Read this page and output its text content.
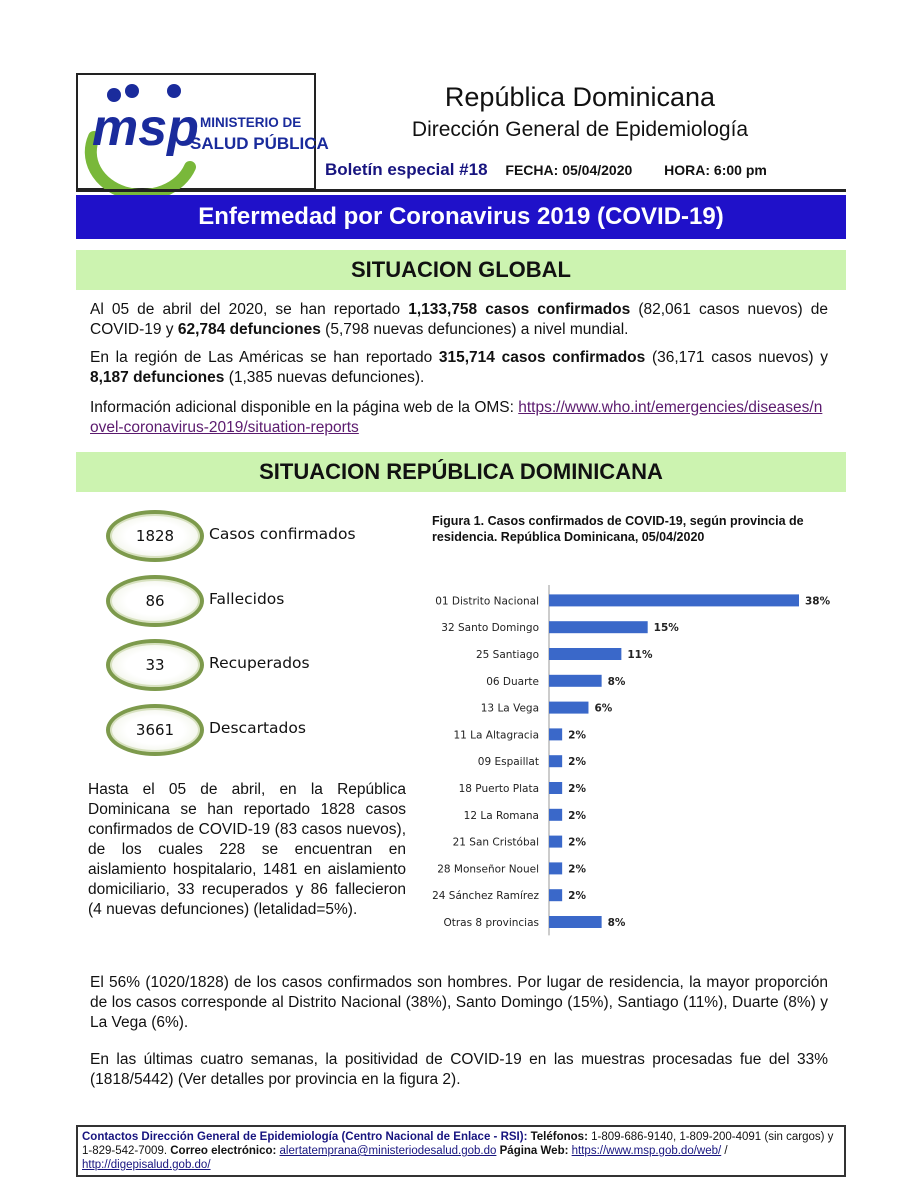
msp MINISTERIO DE
SALUD PÚBLICA
República Dominicana
Dirección General de Epidemiología
Boletín especial #18 FECHA: 05/04/2020 HORA: 6:00 pm
Enfermedad por Coronavirus 2019 (COVID-19)
SITUACION GLOBAL
Al 05 de abril del 2020, se han reportado 1,133,758 casos confirmados (82,061 casos nuevos) de COVID-19 y 62,784 defunciones (5,798 nuevas defunciones) a nivel mundial.
En la región de Las Américas se han reportado 315,714 casos confirmados (36,171 casos nuevos) y 8,187 defunciones (1,385 nuevas defunciones).
Información adicional disponible en la página web de la OMS: https://www.who.int/emergencies/diseases/novel-coronavirus-2019/situation-reports
SITUACION REPÚBLICA DOMINICANA
1828	Casos confirmados
86	Fallecidos
33	Recuperados
3661	Descartados
Figura 1. Casos confirmados de COVID-19, según provincia de residencia. República Dominicana, 05/04/2020
01 Distrito Nacional	38%
32 Santo Domingo	15%
25 Santiago	11%
06 Duarte	8%
13 La Vega	6%
11 La Altagracia	2%
09 Espaillat	2%
18 Puerto Plata	2%
12 La Romana	2%
21 San Cristóbal	2%
28 Monseñor Nouel	2%
24 Sánchez Ramírez	2%
Otras 8 provincias	8%
Hasta el 05 de abril, en la República Dominicana se han reportado 1828 casos confirmados de COVID-19 (83 casos nuevos), de los cuales 228 se encuentran en aislamiento hospitalario, 1481 en aislamiento domiciliario, 33 recuperados y 86 fallecieron (4 nuevas defunciones) (letalidad=5%).
El 56% (1020/1828) de los casos confirmados son hombres. Por lugar de residencia, la mayor proporción de los casos corresponde al Distrito Nacional (38%), Santo Domingo (15%), Santiago (11%), Duarte (8%) y La Vega (6%).
En las últimas cuatro semanas, la positividad de COVID-19 en las muestras procesadas fue del 33% (1818/5442) (Ver detalles por provincia en la figura 2).
Contactos Dirección General de Epidemiología (Centro Nacional de Enlace - RSI): Teléfonos: 1-809-686-9140, 1-809-200-4091 (sin cargos) y 1-829-542-7009. Correo electrónico: alertatemprana@ministeriodesalud.gob.do Página Web: https://www.msp.gob.do/web/ / http://digepisalud.gob.do/
